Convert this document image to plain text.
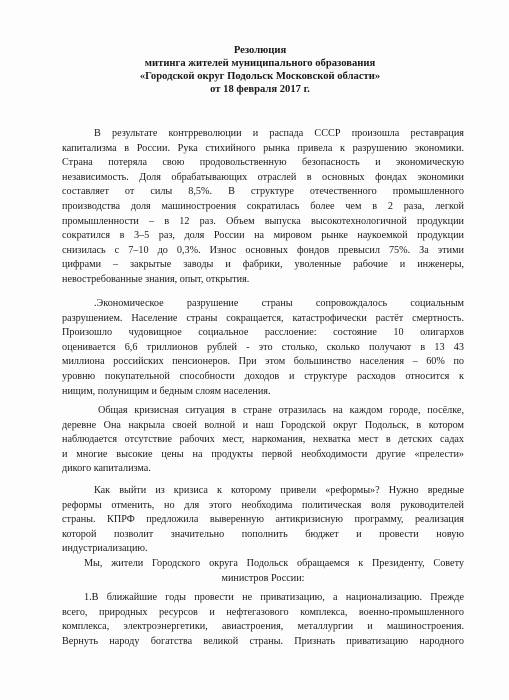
Резолюция
митинга жителей муниципального образования
«Городской округ Подольск Московской области»
от 18 февраля 2017 г.
В результате контрреволюции и распада СССР произошла реставрация
капитализма в России. Рука стихийного рынка привела к разрушению экономики.
Страна потеряла свою продовольственную безопасность и экономическую
независимость. Доля обрабатывающих отраслей в основных фондах экономики
составляет от силы 8,5%. В структуре отечественного промышленного
производства доля машиностроения сократилась более чем в 2 раза, легкой
промышленности – в 12 раз. Объем выпуска высокотехнологичной продукции
сократился в 3–5 раз, доля России на мировом рынке наукоемкой продукции
снизилась с 7–10 до 0,3%. Износ основных фондов превысил 75%. За этими
цифрами – закрытые заводы и фабрики, уволенные рабочие и инженеры,
невостребованные знания, опыт, открытия.
.Экономическое разрушение страны сопровождалось социальным
разрушением. Население страны сокращается, катастрофически растёт смертность.
Произошло чудовищное социальное расслоение: состояние 10 олигархов
оценивается 6,6 триллионов рублей - это столько, сколько получают в 13 43
миллиона российских пенсионеров. При этом большинство населения – 60% по
уровню покупательной способности доходов и структуре расходов относится к
нищим, полунищим и бедным слоям населения.
Общая кризисная ситуация в стране отразилась на каждом городе, посёлке,
деревне Она накрыла своей волной и наш Городской округ Подольск, в котором
наблюдается отсутствие рабочих мест, наркомания, нехватка мест в детских садах
и многие высокие цены на продукты первой необходимости другие «прелести»
дикого капитализма.
Как выйти из кризиса к которому привели «реформы»? Нужно вредные
реформы отменить, но для этого необходима политическая воля руководителей
страны. КПРФ предложила выверенную антикризисную программу, реализация
которой позволит значительно пополнить бюджет и провести новую
индустриализацию.
Мы, жители Городского округа Подольск обращаемся к Президенту, Совету
министров России:
1.В ближайшие годы провести не приватизацию, а национализацию. Прежде
всего, природных ресурсов и нефтегазового комплекса, военно-промышленного
комплекса, электроэнергетики, авиастроения, металлургии и машиностроения.
Вернуть народу богатства великой страны. Признать приватизацию народного
